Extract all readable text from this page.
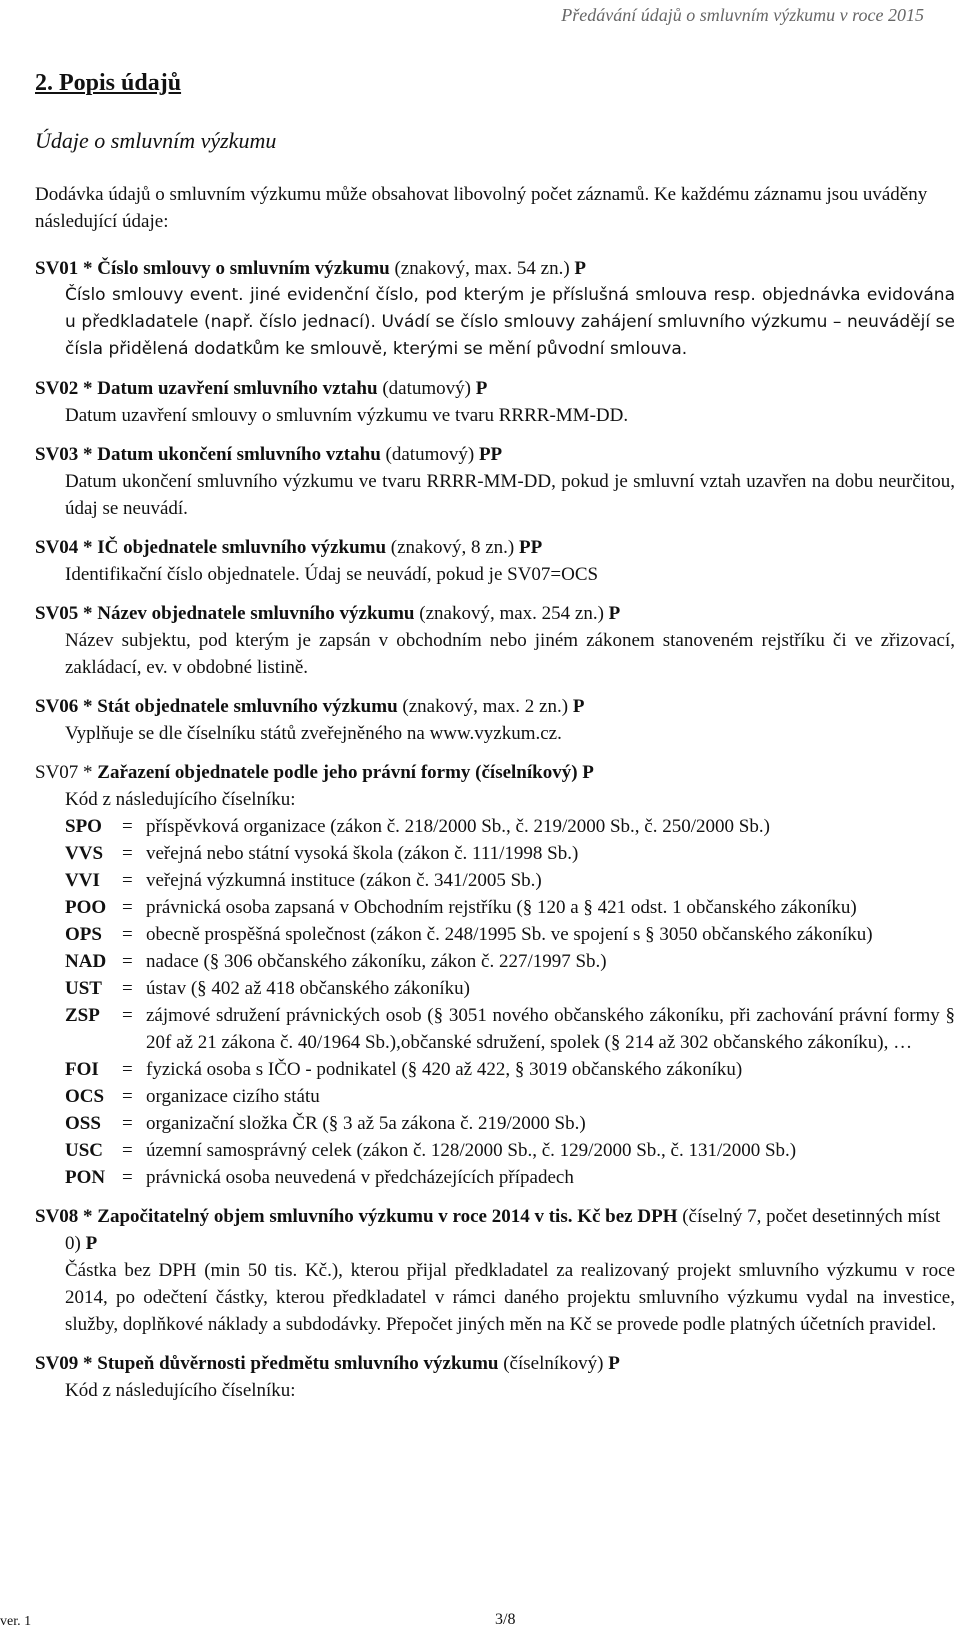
Předávání údajů o smluvním výzkumu v roce 2015
2. Popis údajů
Údaje o smluvním výzkumu
Dodávka údajů o smluvním výzkumu může obsahovat libovolný počet záznamů. Ke každému záznamu jsou uváděny následující údaje:
SV01 * Číslo smlouvy o smluvním výzkumu (znakový, max. 54 zn.) P
Číslo smlouvy event. jiné evidenční číslo, pod kterým je příslušná smlouva resp. objednávka evidována u předkladatele (např. číslo jednací). Uvádí se číslo smlouvy zahájení smluvního výzkumu – neuvádějí se čísla přidělená dodatkům ke smlouvě, kterými se mění původní smlouva.
SV02 * Datum uzavření smluvního vztahu (datumový) P
Datum uzavření smlouvy o smluvním výzkumu ve tvaru RRRR-MM-DD.
SV03 * Datum ukončení smluvního vztahu (datumový) PP
Datum ukončení smluvního výzkumu ve tvaru RRRR-MM-DD, pokud je smluvní vztah uzavřen na dobu neurčitou, údaj se neuvádí.
SV04 * IČ objednatele smluvního výzkumu (znakový, 8 zn.) PP
Identifikační číslo objednatele. Údaj se neuvádí, pokud je SV07=OCS
SV05 * Název objednatele smluvního výzkumu (znakový, max. 254 zn.) P
Název subjektu, pod kterým je zapsán v obchodním nebo jiném zákonem stanoveném rejstříku či ve zřizovací, zakládací, ev. v obdobné listině.
SV06 * Stát objednatele smluvního výzkumu (znakový, max. 2 zn.) P
Vyplňuje se dle číselníku států zveřejněného na www.vyzkum.cz.
SV07 * Zařazení objednatele podle jeho právní formy (číselníkový) P
Kód z následujícího číselníku:
SPO	= příspěvková organizace (zákon č. 218/2000 Sb., č. 219/2000 Sb., č. 250/2000 Sb.)
VVS = veřejná nebo státní vysoká škola (zákon č. 111/1998 Sb.)
VVI	= veřejná výzkumná instituce (zákon č. 341/2005 Sb.)
POO = právnická osoba zapsaná v Obchodním rejstříku (§ 120 a § 421 odst. 1 občanského zákoníku)
OPS	= obecně prospěšná společnost (zákon č. 248/1995 Sb. ve spojení s § 3050 občanského zákoníku)
NAD = nadace (§ 306 občanského zákoníku, zákon č. 227/1997 Sb.)
UST	= ústav (§ 402 až 418 občanského zákoníku)
ZSP	= zájmové sdružení právnických osob (§ 3051 nového občanského zákoníku, při zachování právní formy § 20f až 21 zákona č. 40/1964 Sb.),občanské sdružení, spolek (§ 214 až 302 občanského zákoníku), …
FOI	= fyzická osoba s IČO - podnikatel (§ 420 až 422, § 3019 občanského zákoníku)
OCS = organizace cizího státu
OSS	= organizační složka ČR (§ 3 až 5a zákona č. 219/2000 Sb.)
USC = územní samosprávný celek (zákon č. 128/2000 Sb., č. 129/2000 Sb., č. 131/2000 Sb.)
PON = právnická osoba neuvedená v předcházejících případech
SV08 * Započitatelný objem smluvního výzkumu v roce 2014 v tis. Kč bez DPH (číselný 7, počet desetinných míst 0) P
Částka bez DPH (min 50 tis. Kč.), kterou přijal předkladatel za realizovaný projekt smluvního výzkumu v roce 2014, po odečtení částky, kterou předkladatel v rámci daného projektu smluvního výzkumu vydal na investice, služby, doplňkové náklady a subdodávky. Přepočet jiných měn na Kč se provede podle platných účetních pravidel.
SV09 * Stupeň důvěrnosti předmětu smluvního výzkumu (číselníkový) P
Kód z následujícího číselníku:
ver. 1	3/8
